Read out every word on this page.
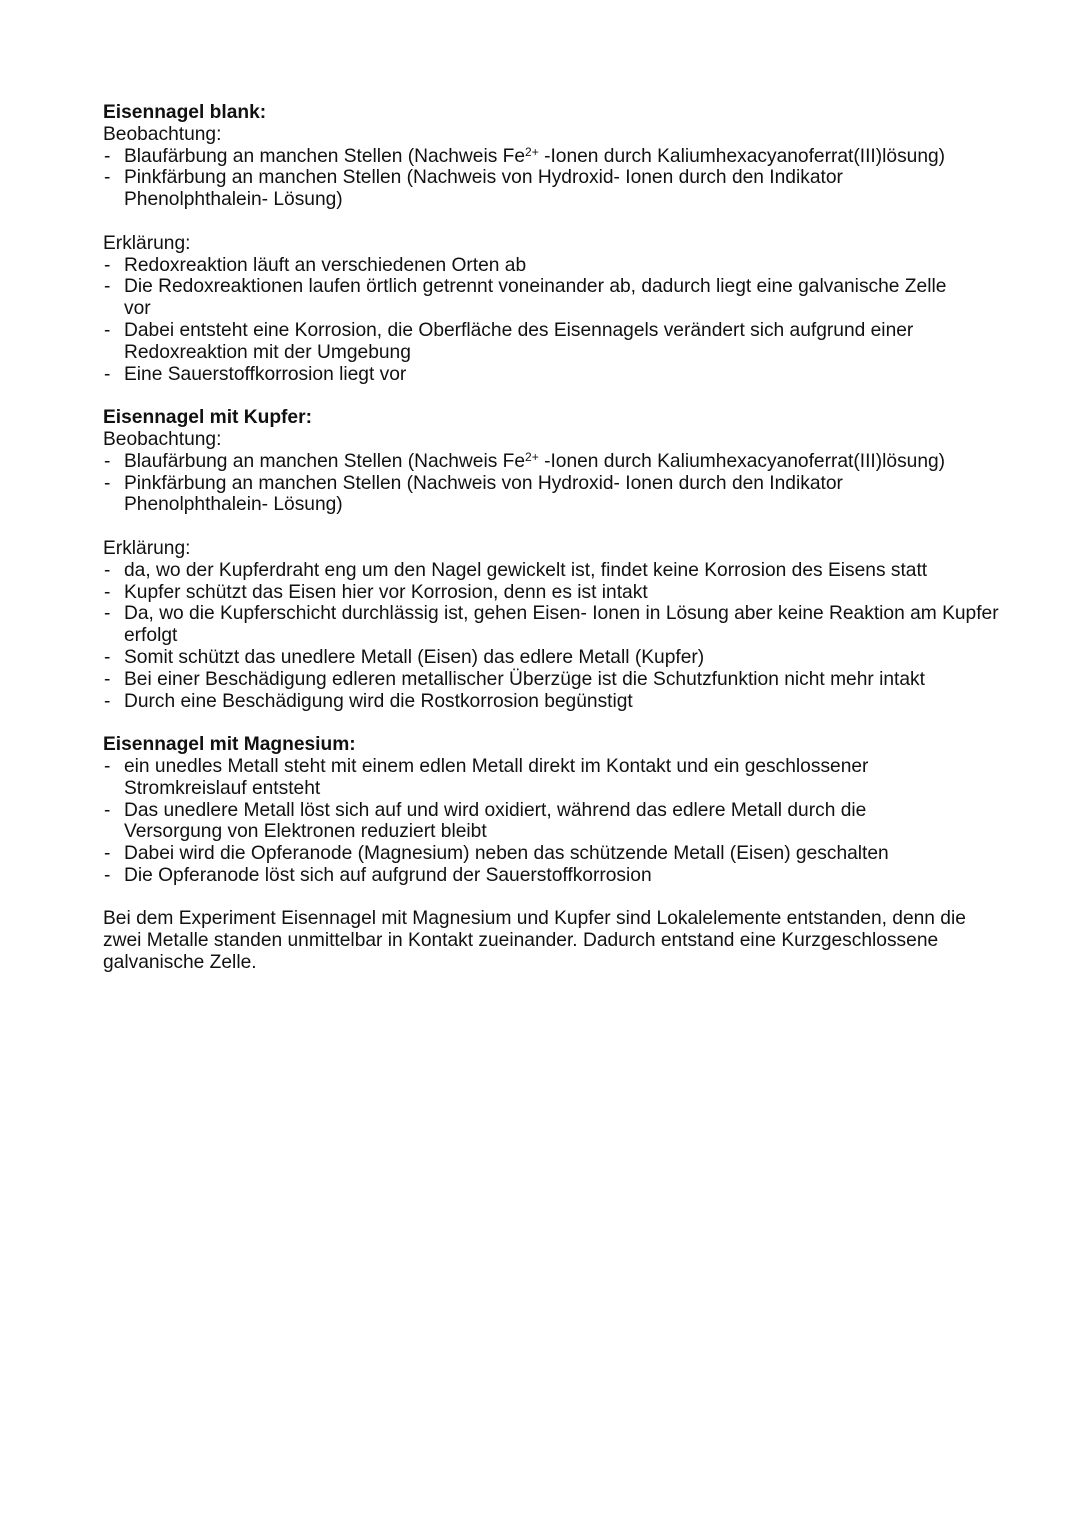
Eisennagel blank:
Beobachtung:
- Blaufärbung an manchen Stellen (Nachweis $Fe^{2+}$ -Ionen durch Kaliumhexacyanoferrat(III)lösung)
- Pinkfärbung an manchen Stellen (Nachweis von Hydroxid- Ionen durch den Indikator Phenolphthalein- Lösung)
Erklärung:
- Redoxreaktion läuft an verschiedenen Orten ab
- Die Redoxreaktionen laufen örtlich getrennt voneinander ab, dadurch liegt eine galvanische Zelle vor
- Dabei entsteht eine Korrosion, die Oberfläche des Eisennagels verändert sich aufgrund einer Redoxreaktion mit der Umgebung
- Eine Sauerstoffkorrosion liegt vor
Eisennagel mit Kupfer:
Beobachtung:
- Blaufärbung an manchen Stellen (Nachweis $Fe^{2+}$ -Ionen durch Kaliumhexacyanoferrat(III)lösung)
- Pinkfärbung an manchen Stellen (Nachweis von Hydroxid- Ionen durch den Indikator Phenolphthalein- Lösung)
Erklärung:
- da, wo der Kupferdraht eng um den Nagel gewickelt ist, findet keine Korrosion des Eisens statt
- Kupfer schützt das Eisen hier vor Korrosion, denn es ist intakt
- Da, wo die Kupferschicht durchlässig ist, gehen Eisen- Ionen in Lösung aber keine Reaktion am Kupfer erfolgt
- Somit schützt das unedlere Metall (Eisen) das edlere Metall (Kupfer)
- Bei einer Beschädigung edleren metallischer Überzüge ist die Schutzfunktion nicht mehr intakt
- Durch eine Beschädigung wird die Rostkorrosion begünstigt
Eisennagel mit Magnesium:
- ein unedles Metall steht mit einem edlen Metall direkt im Kontakt und ein geschlossener Stromkreislauf entsteht
- Das unedlere Metall löst sich auf und wird oxidiert, während das edlere Metall durch die Versorgung von Elektronen reduziert bleibt
- Dabei wird die Opferanode (Magnesium) neben das schützende Metall (Eisen) geschalten
- Die Opferanode löst sich auf aufgrund der Sauerstoffkorrosion
Bei dem Experiment Eisennagel mit Magnesium und Kupfer sind Lokalelemente entstanden, denn die zwei Metalle standen unmittelbar in Kontakt zueinander. Dadurch entstand eine Kurzgeschlossene galvanische Zelle.
